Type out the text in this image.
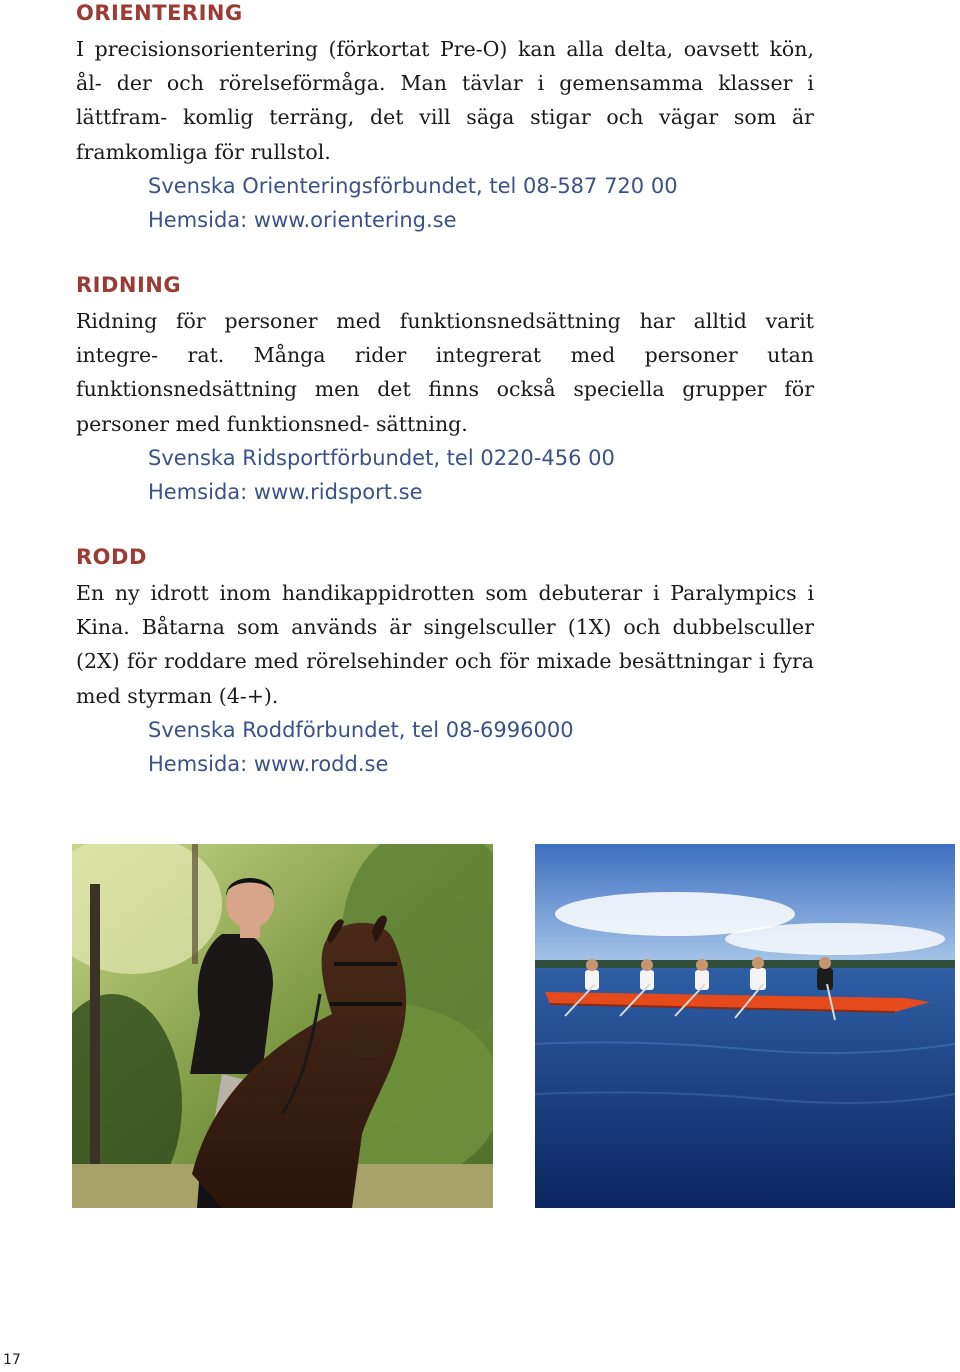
ORIENTERING

I precisionsorientering (förkortat Pre-O) kan alla delta, oavsett kön, ål- der och rörelseförmåga. Man tävlar i gemensamma klasser i lättfram- komlig terräng, det vill säga stigar och vägar som är framkomliga för rullstol.

Svenska Orienteringsförbundet, tel 08-587 720 00
Hemsida: www.orientering.se
RIDNING

Ridning för personer med funktionsnedsättning har alltid varit integre- rat. Många rider integrerat med personer utan funktionsnedsättning men det finns också speciella grupper för personer med funktionsned- sättning.

Svenska Ridsportförbundet, tel 0220-456 00
Hemsida: www.ridsport.se
RODD

En ny idrott inom handikappidrotten som debuterar i Paralympics i Kina. Båtarna som används är singelsculler (1X) och dubbelsculler (2X) för roddare med rörelsehinder och för mixade besättningar i fyra med styrman (4-+).

Svenska Roddförbundet, tel 08-6996000
Hemsida: www.rodd.se
17
